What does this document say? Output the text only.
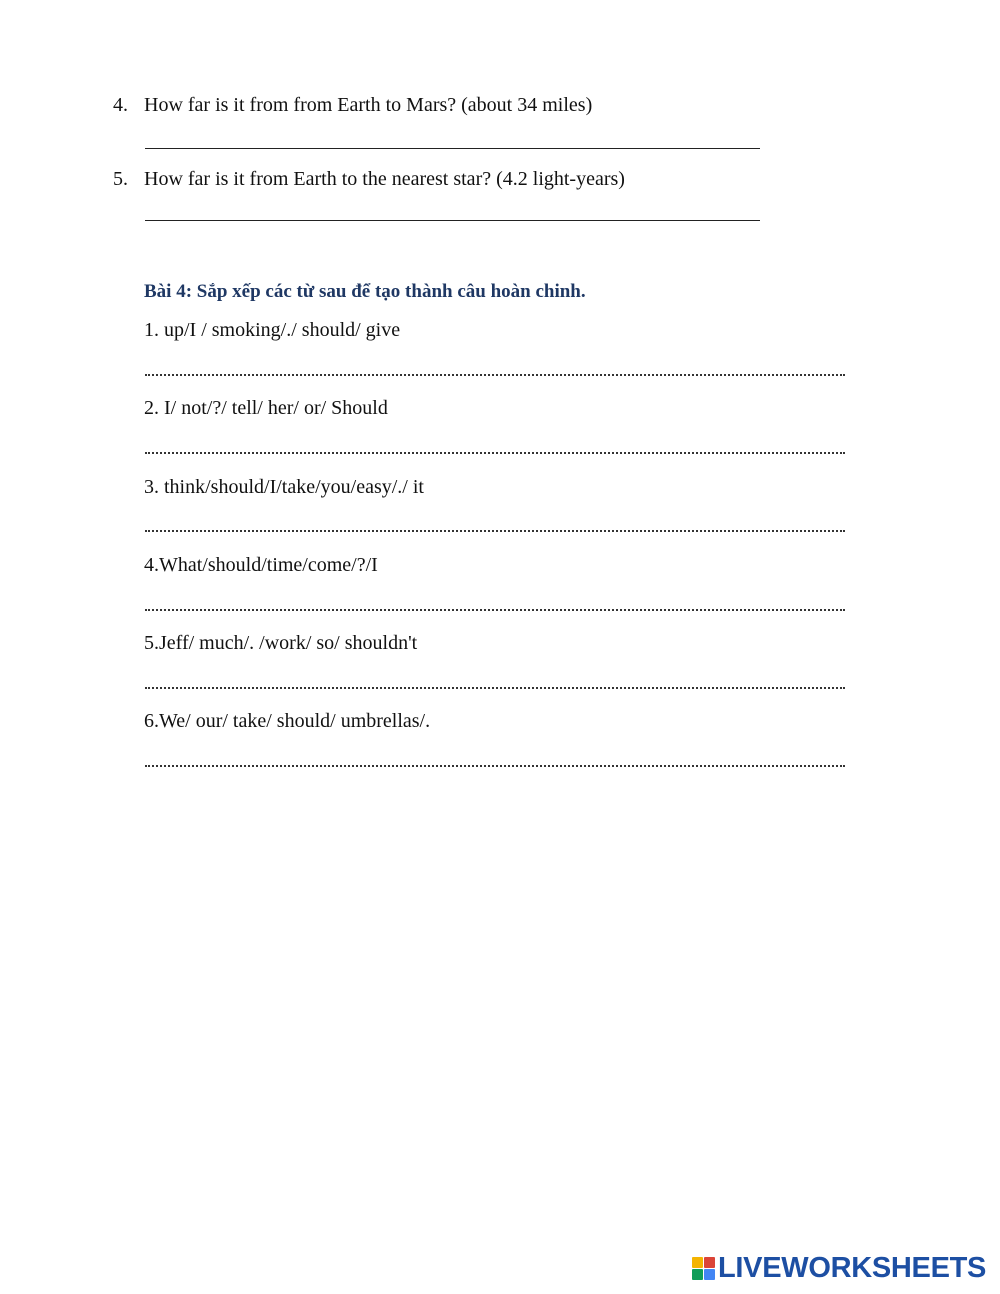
4. How far is it from from Earth to Mars? (about 34 miles)
5. How far is it from Earth to the nearest star? (4.2 light-years)
Bài 4: Sắp xếp các từ sau để tạo thành câu hoàn chinh.
1. up/I / smoking/./ should/ give
2. I/ not/?/ tell/ her/ or/ Should
3. think/should/I/take/you/easy/./ it
4.What/should/time/come/?/I
5.Jeff/ much/. /work/ so/ shouldn't
6.We/ our/ take/ should/ umbrellas/.
LIVEWORKSHEETS
